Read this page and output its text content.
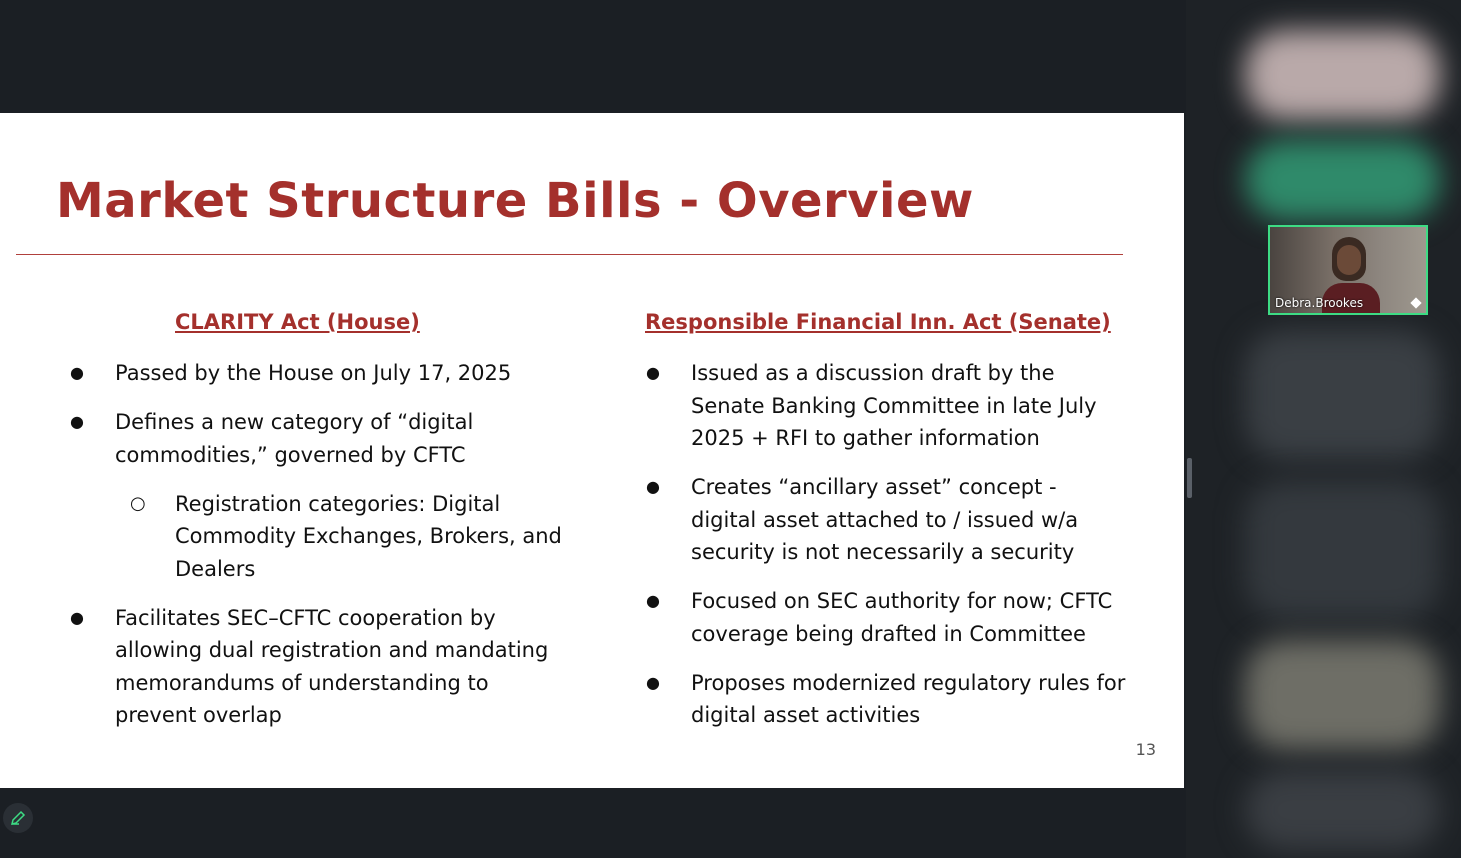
Market Structure Bills - Overview
CLARITY Act (House)	Responsible Financial Inn. Act (Senate)
● Passed by the House on July 17, 2025
● Defines a new category of “digital commodities,” governed by CFTC
○ Registration categories: Digital Commodity Exchanges, Brokers, and Dealers
● Facilitates SEC–CFTC cooperation by allowing dual registration and mandating memorandums of understanding to prevent overlap
● Issued as a discussion draft by the Senate Banking Committee in late July 2025 + RFI to gather information
● Creates “ancillary asset” concept - digital asset attached to / issued w/a security is not necessarily a security
● Focused on SEC authority for now; CFTC coverage being drafted in Committee
● Proposes modernized regulatory rules for digital asset activities
13
Debra.Brookes
